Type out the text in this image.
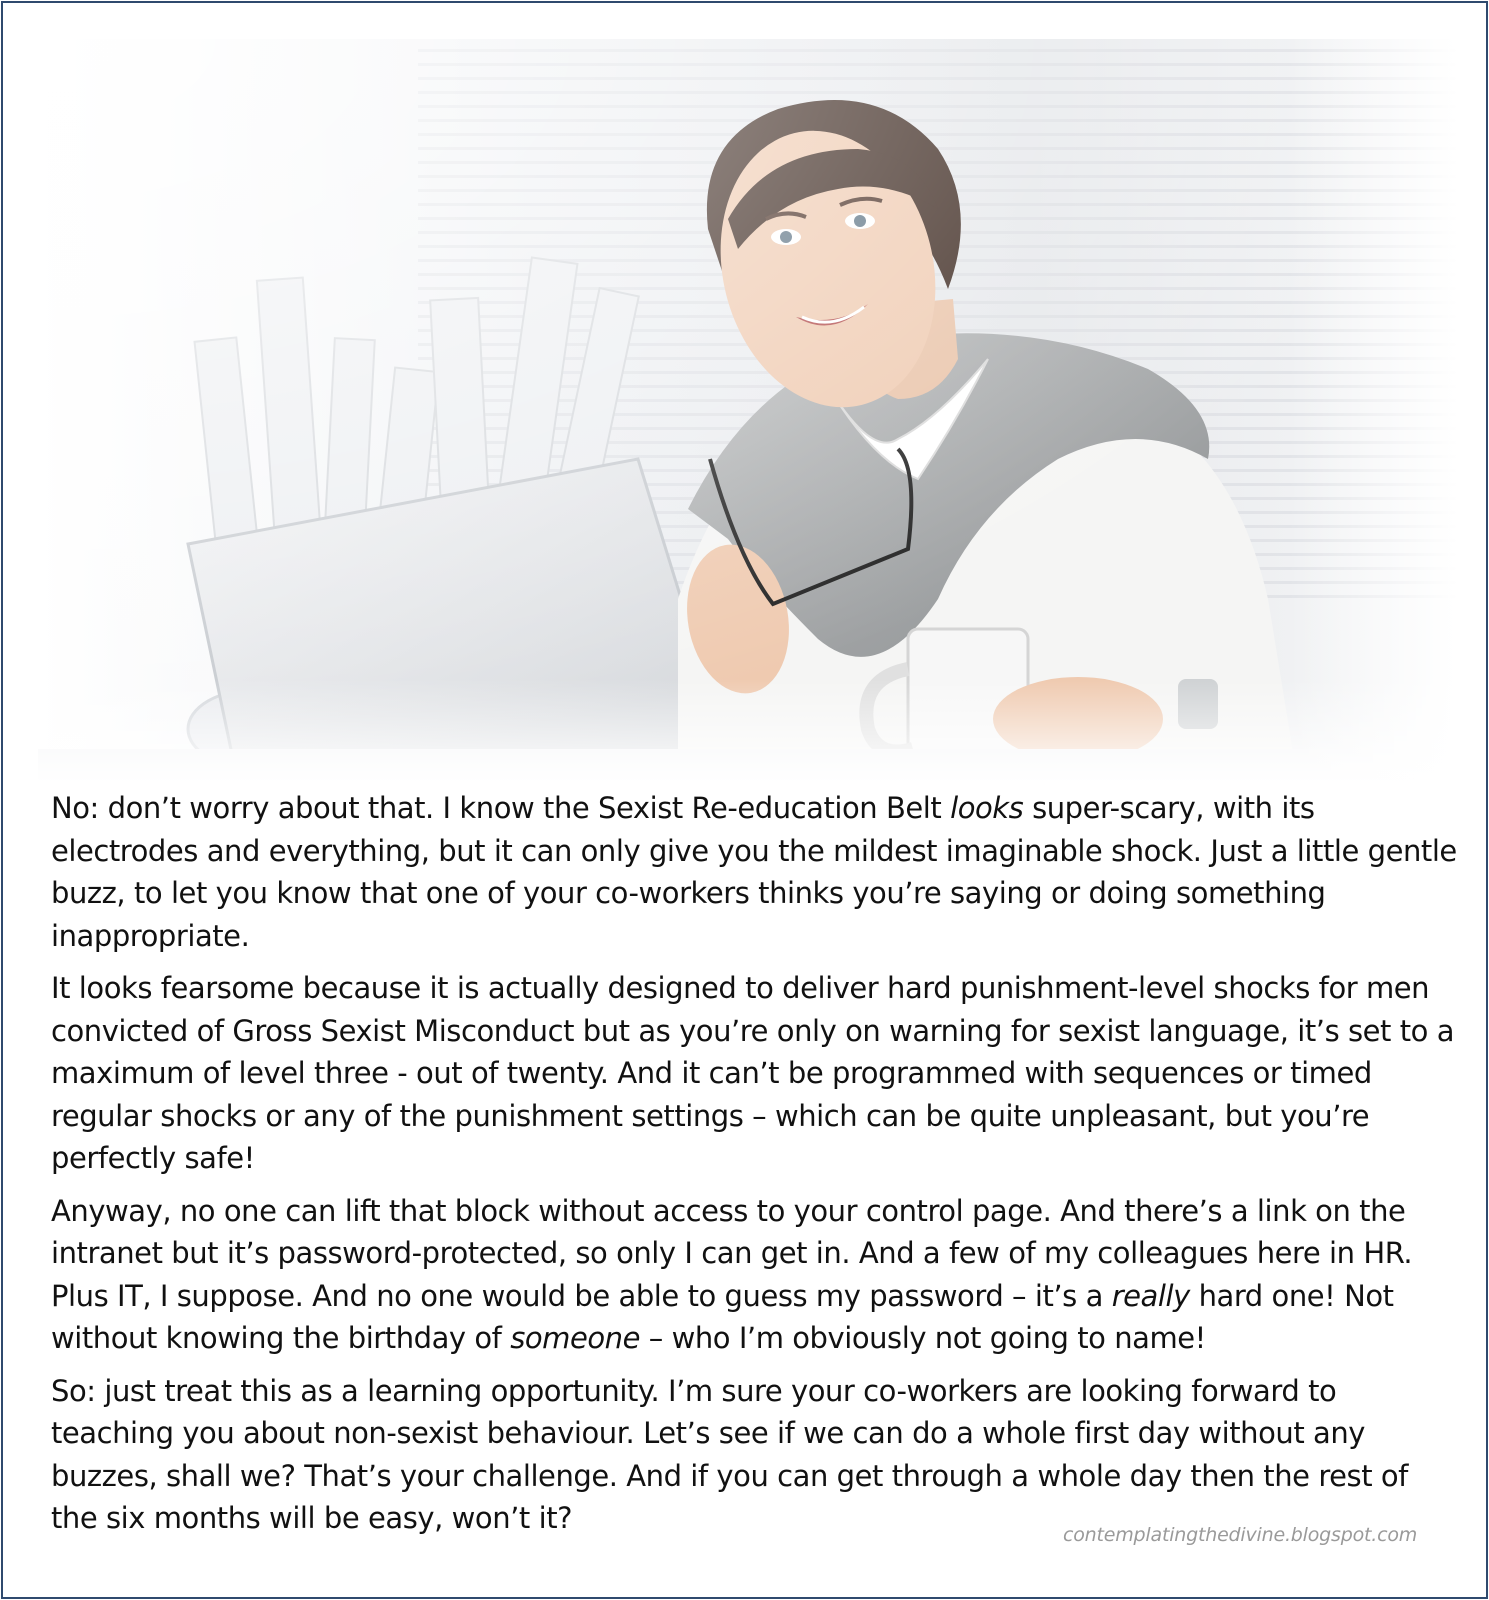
No: don’t worry about that. I know the Sexist Re-education Belt looks super-scary, with its electrodes and everything, but it can only give you the mildest imaginable shock. Just a little gentle buzz, to let you know that one of your co-workers thinks you’re saying or doing something inappropriate.

It looks fearsome because it is actually designed to deliver hard punishment-level shocks for men convicted of Gross Sexist Misconduct but as you’re only on warning for sexist language, it’s set to a maximum of level three - out of twenty. And it can’t be programmed with sequences or timed regular shocks or any of the punishment settings – which can be quite unpleasant, but you’re perfectly safe!

Anyway, no one can lift that block without access to your control page. And there’s a link on the intranet but it’s password-protected, so only I can get in. And a few of my colleagues here in HR. Plus IT, I suppose. And no one would be able to guess my password – it’s a really hard one! Not without knowing the birthday of someone – who I’m obviously not going to name!

So: just treat this as a learning opportunity. I’m sure your co-workers are looking forward to teaching you about non-sexist behaviour. Let’s see if we can do a whole first day without any buzzes, shall we? That’s your challenge. And if you can get through a whole day then the rest of the six months will be easy, won’t it?	contemplatingthedivine.blogspot.com
